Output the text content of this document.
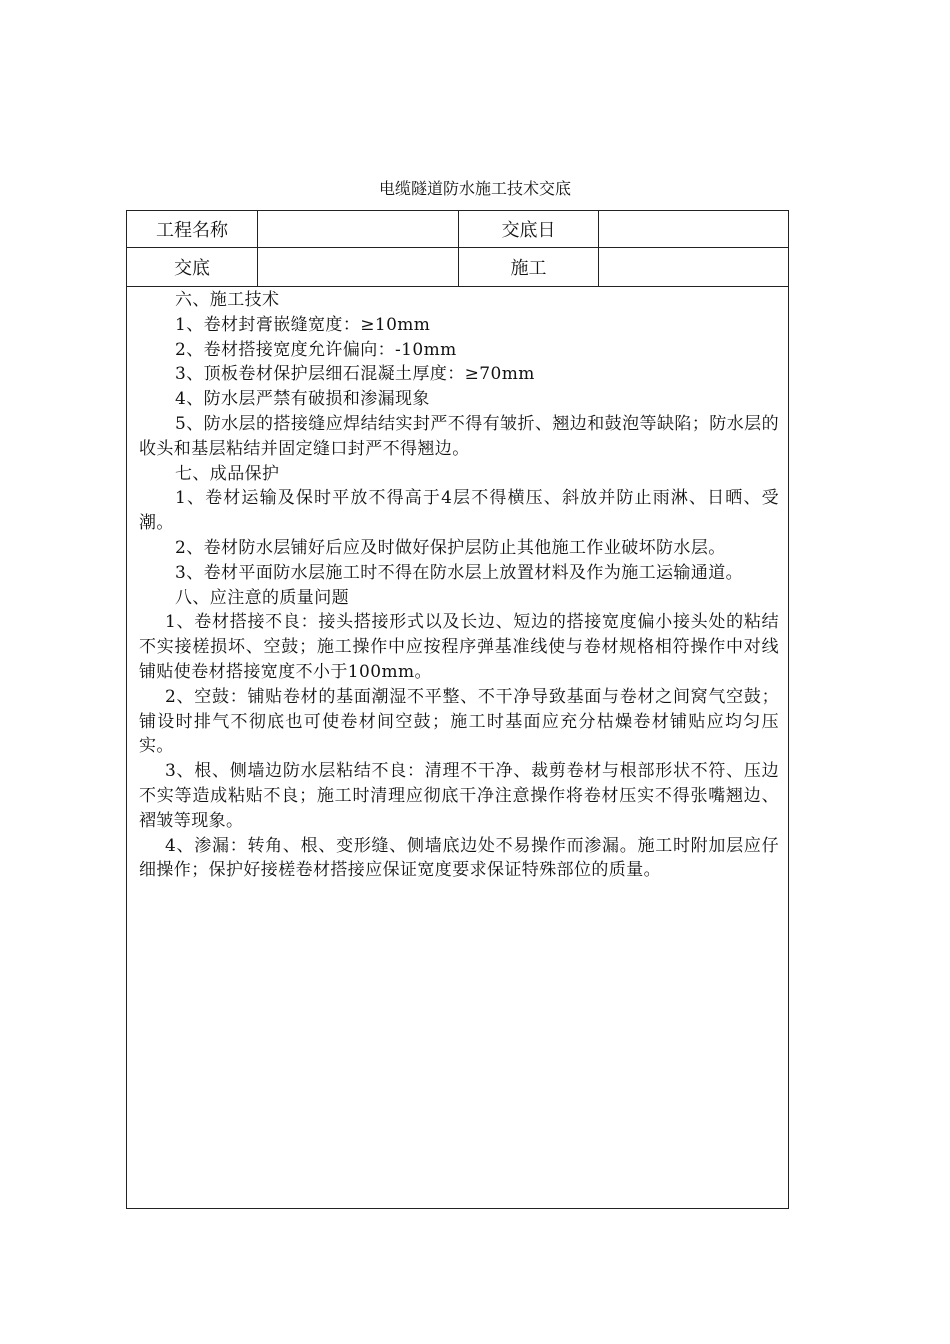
电缆隧道防水施工技术交底
工程名称	交底日
交底	施工

六、施工技术

1、卷材封膏嵌缝宽度：≥10mm

2、卷材搭接宽度允许偏向：-10mm

3、顶板卷材保护层细石混凝土厚度：≥70mm

4、防水层严禁有破损和渗漏现象

5、防水层的搭接缝应焊结结实封严不得有皱折、翘边和鼓泡等缺陷；防水层的收头和基层粘结并固定缝口封严不得翘边。

七、成品保护

1、卷材运输及保时平放不得高于4层不得横压、斜放并防止雨淋、日晒、受潮。

2、卷材防水层铺好后应及时做好保护层防止其他施工作业破坏防水层。

3、卷材平面防水层施工时不得在防水层上放置材料及作为施工运输通道。

八、应注意的质量问题

1、卷材搭接不良：接头搭接形式以及长边、短边的搭接宽度偏小接头处的粘结不实接槎损坏、空鼓；施工操作中应按程序弹基准线使与卷材规格相符操作中对线铺贴使卷材搭接宽度不小于100mm。

2、空鼓：铺贴卷材的基面潮湿不平整、不干净导致基面与卷材之间窝气空鼓；铺设时排气不彻底也可使卷材间空鼓；施工时基面应充分枯燥卷材铺贴应均匀压实。

3、根、侧墙边防水层粘结不良：清理不干净、裁剪卷材与根部形状不符、压边不实等造成粘贴不良；施工时清理应彻底干净注意操作将卷材压实不得张嘴翘边、褶皱等现象。

4、渗漏：转角、根、变形缝、侧墙底边处不易操作而渗漏。施工时附加层应仔细操作；保护好接槎卷材搭接应保证宽度要求保证特殊部位的质量。
